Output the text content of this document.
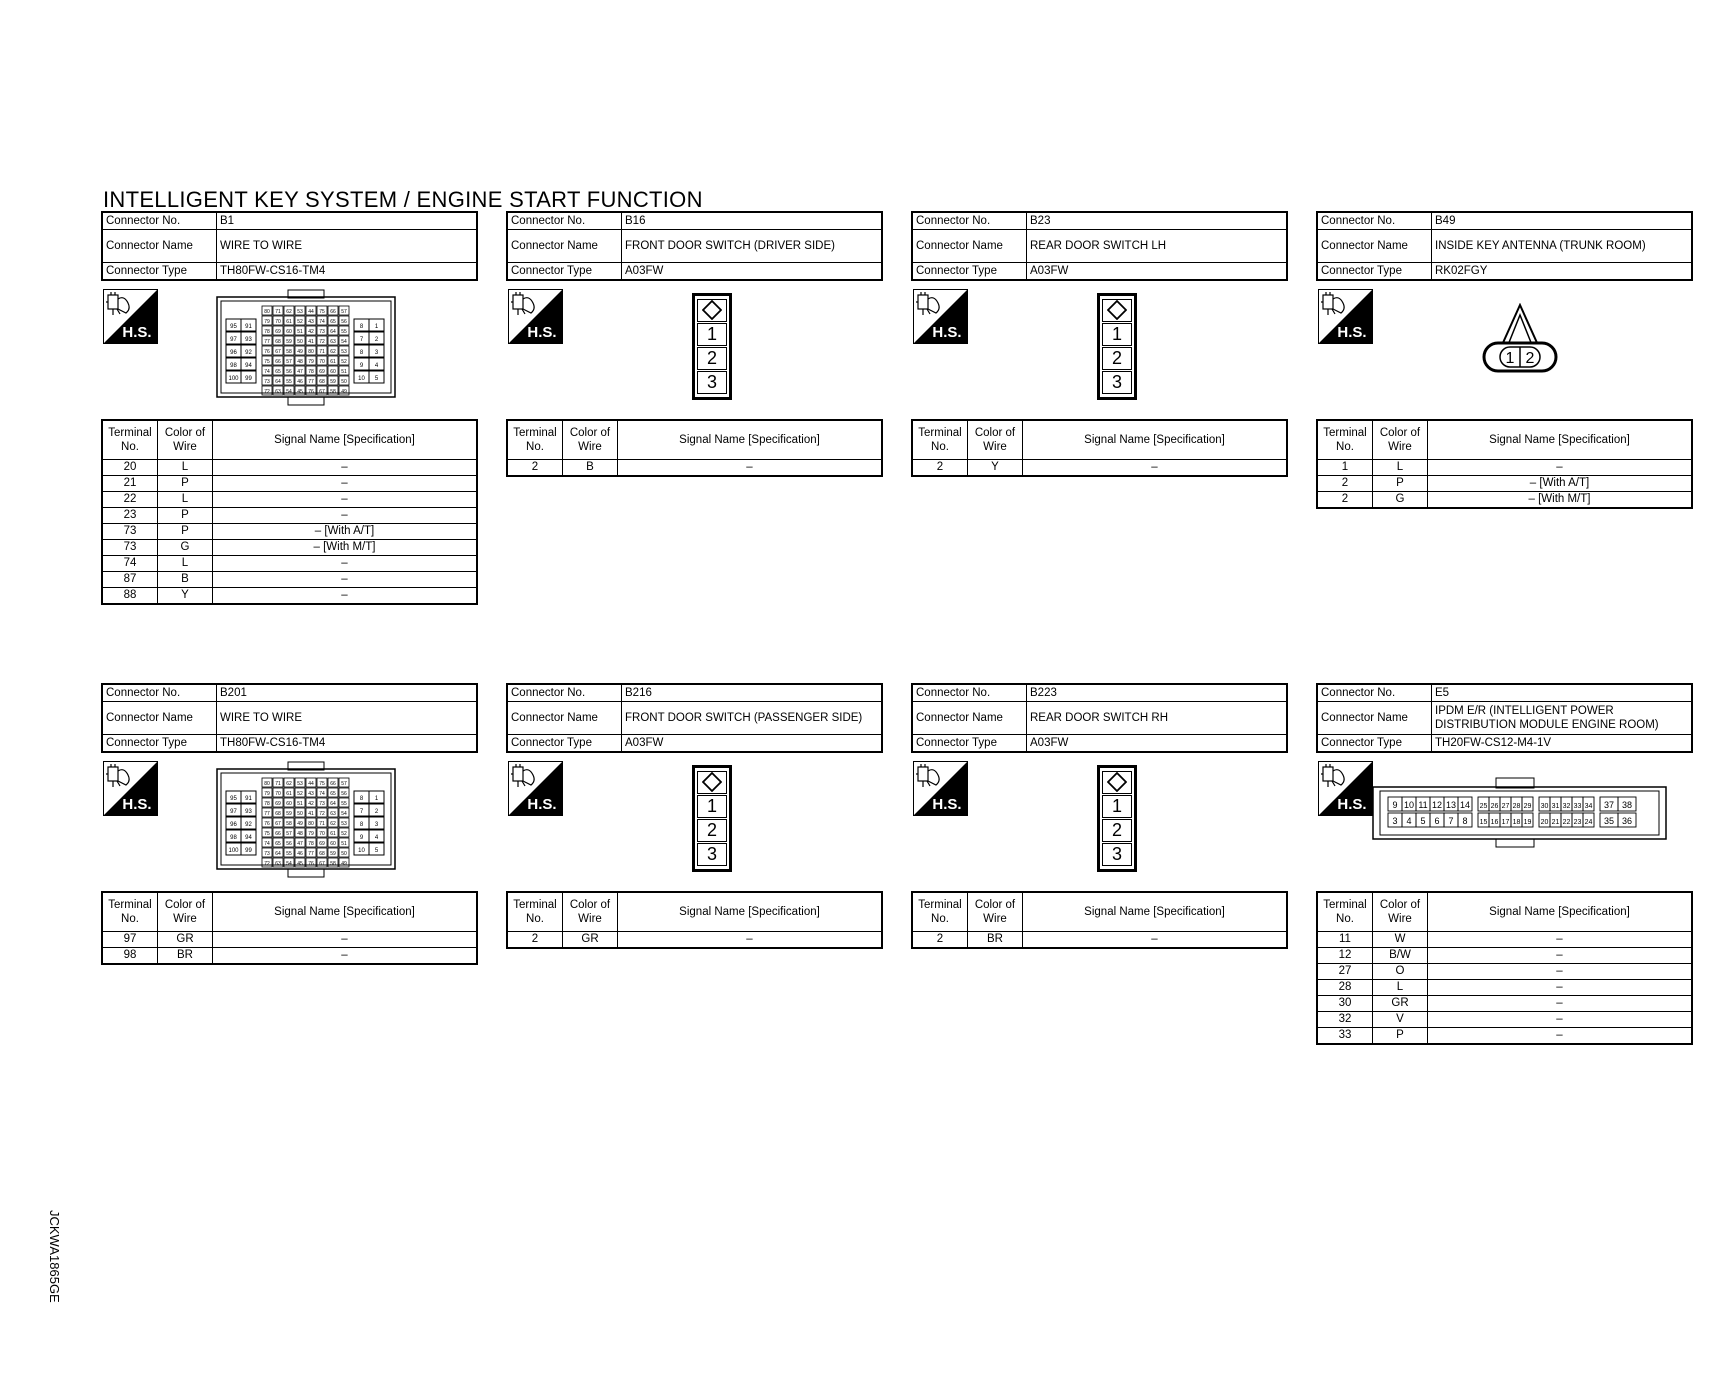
INTELLIGENT KEY SYSTEM / ENGINE START FUNCTION
JCKWA1865GE
Connector No.	B1
Connector Name	WIRE TO WIRE
Connector Type	TH80FW-CS16-TM4
H.S.	95 91
97 93
96 92
98 94
100 99
8 1
7 2
8 3
9 4
10 5
80
79
78
77
76
75
74
73
72
71
70
69
68
67
66
65
64
63
62
61
60
59
58
57
56
55
54
53
52
51
50
49
48
47
46
45
44
43
42
41
80
79
78
77
76
75
74
73
72
71
70
69
68
67
66
65
64
63
62
61
60
59
58
57
56
55
54
53
52
51
50
49
Terminal No.	Color of Wire	Signal Name [Specification]
20	L	–
21	P	–
22	L	–
23	P	–
73	P	– [With A/T]
73	G	– [With M/T]
74	L	–
87	B	–
88	Y	–
Connector No.	B16
Connector Name	FRONT DOOR SWITCH (DRIVER SIDE)
Connector Type	A03FW
H.S.	1
2
3
Terminal No.	Color of Wire	Signal Name [Specification]
2	B	–
Connector No.	B23
Connector Name	REAR DOOR SWITCH LH
Connector Type	A03FW
H.S.	1
2
3
Terminal No.	Color of Wire	Signal Name [Specification]
2	Y	–
Connector No.	B49
Connector Name	INSIDE KEY ANTENNA (TRUNK ROOM)
Connector Type	RK02FGY
H.S.
1 2
Terminal No.	Color of Wire	Signal Name [Specification]
1	L	–
2	P	– [With A/T]
2	G	– [With M/T]
Connector No.	B201
Connector Name	WIRE TO WIRE
Connector Type	TH80FW-CS16-TM4
H.S.	95 91
97 93
96 92
98 94
100 99
8 1
7 2
8 3
9 4
10 5
80
79
78
77
76
75
74
73
72
71
70
69
68
67
66
65
64
63
62
61
60
59
58
57
56
55
54
53
52
51
50
49
48
47
46
45
44
43
42
41
80
79
78
77
76
75
74
73
72
71
70
69
68
67
66
65
64
63
62
61
60
59
58
57
56
55
54
53
52
51
50
49
Terminal No.	Color of Wire	Signal Name [Specification]
97	GR	–
98	BR	–
Connector No.	B216
Connector Name	FRONT DOOR SWITCH (PASSENGER SIDE)
Connector Type	A03FW
H.S.	1
2
3
Terminal No.	Color of Wire	Signal Name [Specification]
2	GR	–
Connector No.	B223
Connector Name	REAR DOOR SWITCH RH
Connector Type	A03FW
H.S.	1
2
3
Terminal No.	Color of Wire	Signal Name [Specification]
2	BR	–
Connector No.	E5
Connector Name	IPDM E/R (INTELLIGENT POWER DISTRIBUTION MODULE ENGINE ROOM)
Connector Type	TH20FW-CS12-M4-1V
H.S.	9 10 11 12 13 14 25 26 27 28 29 30 31 32 33 34 37 38
3 4 5 6 7 8 15 16 17 18 19 20 21 22 23 24 35 36
Terminal No.	Color of Wire	Signal Name [Specification]
11	W	–
12	B/W	–
27	O	–
28	L	–
30	GR	–
32	V	–
33	P	–
